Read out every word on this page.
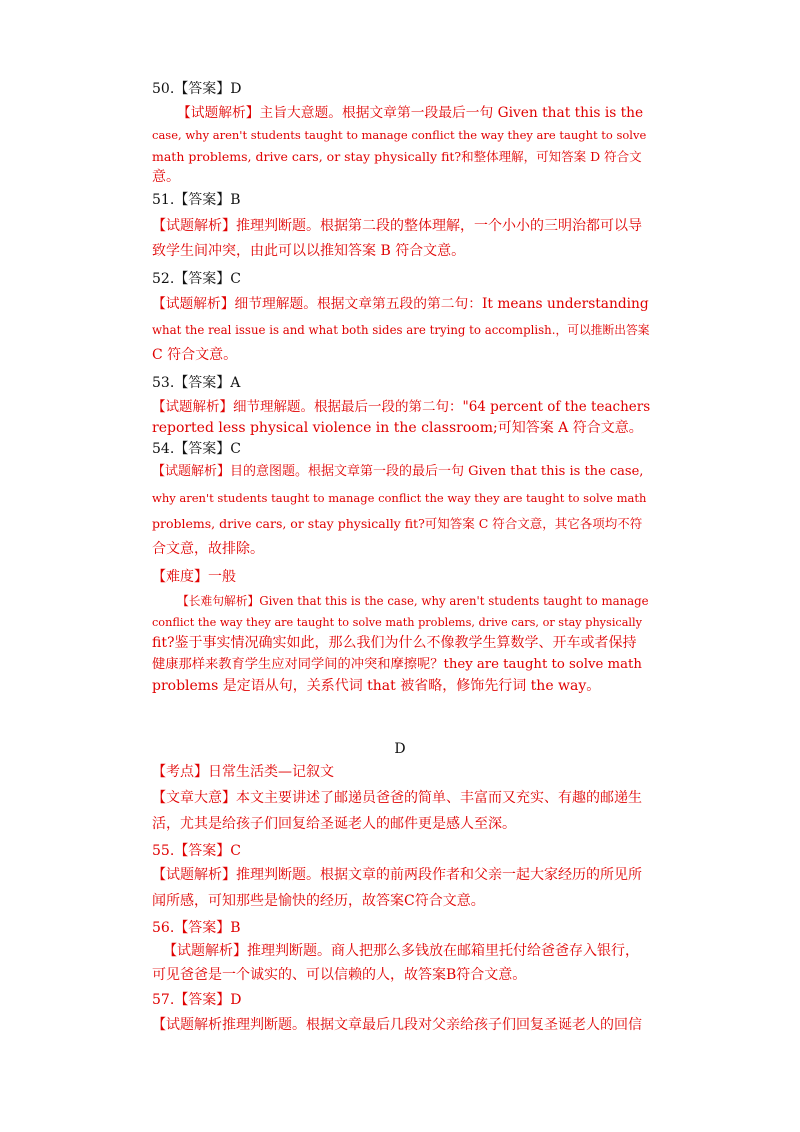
50.【答案】D
【试题解析】主旨大意题。根据文章第一段最后一句 Given that this is the
case, why aren't students taught to manage conflict the way they are taught to solve
math problems, drive cars, or stay physically fit?和整体理解，可知答案 D 符合文
意。
51.【答案】B
【试题解析】推理判断题。根据第二段的整体理解，一个小小的三明治都可以导
致学生间冲突，由此可以以推知答案 B 符合文意。
52.【答案】C
【试题解析】细节理解题。根据文章第五段的第二句：It means understanding
what the real issue is and what both sides are trying to accomplish.，可以推断出答案
C 符合文意。
53.【答案】A
【试题解析】细节理解题。根据最后一段的第二句："64 percent of the teachers
reported less physical violence in the classroom;可知答案 A 符合文意。
54.【答案】C
【试题解析】目的意图题。根据文章第一段的最后一句 Given that this is the case,
why aren't students taught to manage conflict the way they are taught to solve math
problems, drive cars, or stay physically fit?可知答案 C 符合文意，其它各项均不符
合文意，故排除。
【难度】一般
【长难句解析】Given that this is the case, why aren't students taught to manage
conflict the way they are taught to solve math problems, drive cars, or stay physically
fit?鉴于事实情况确实如此，那么我们为什么不像教学生算数学、开车或者保持
健康那样来教育学生应对同学间的冲突和摩擦呢？they are taught to solve math
problems 是定语从句，关系代词 that 被省略，修饰先行词 the way。
D
【考点】日常生活类—记叙文
【文章大意】本文主要讲述了邮递员爸爸的简单、丰富而又充实、有趣的邮递生
活，尤其是给孩子们回复给圣诞老人的邮件更是感人至深。
55.【答案】C
【试题解析】推理判断题。根据文章的前两段作者和父亲一起大家经历的所见所
闻所感，可知那些是愉快的经历，故答案C符合文意。
56.【答案】B
【试题解析】推理判断题。商人把那么多钱放在邮箱里托付给爸爸存入银行，
可见爸爸是一个诚实的、可以信赖的人，故答案B符合文意。
57.【答案】D
【试题解析推理判断题。根据文章最后几段对父亲给孩子们回复圣诞老人的回信
